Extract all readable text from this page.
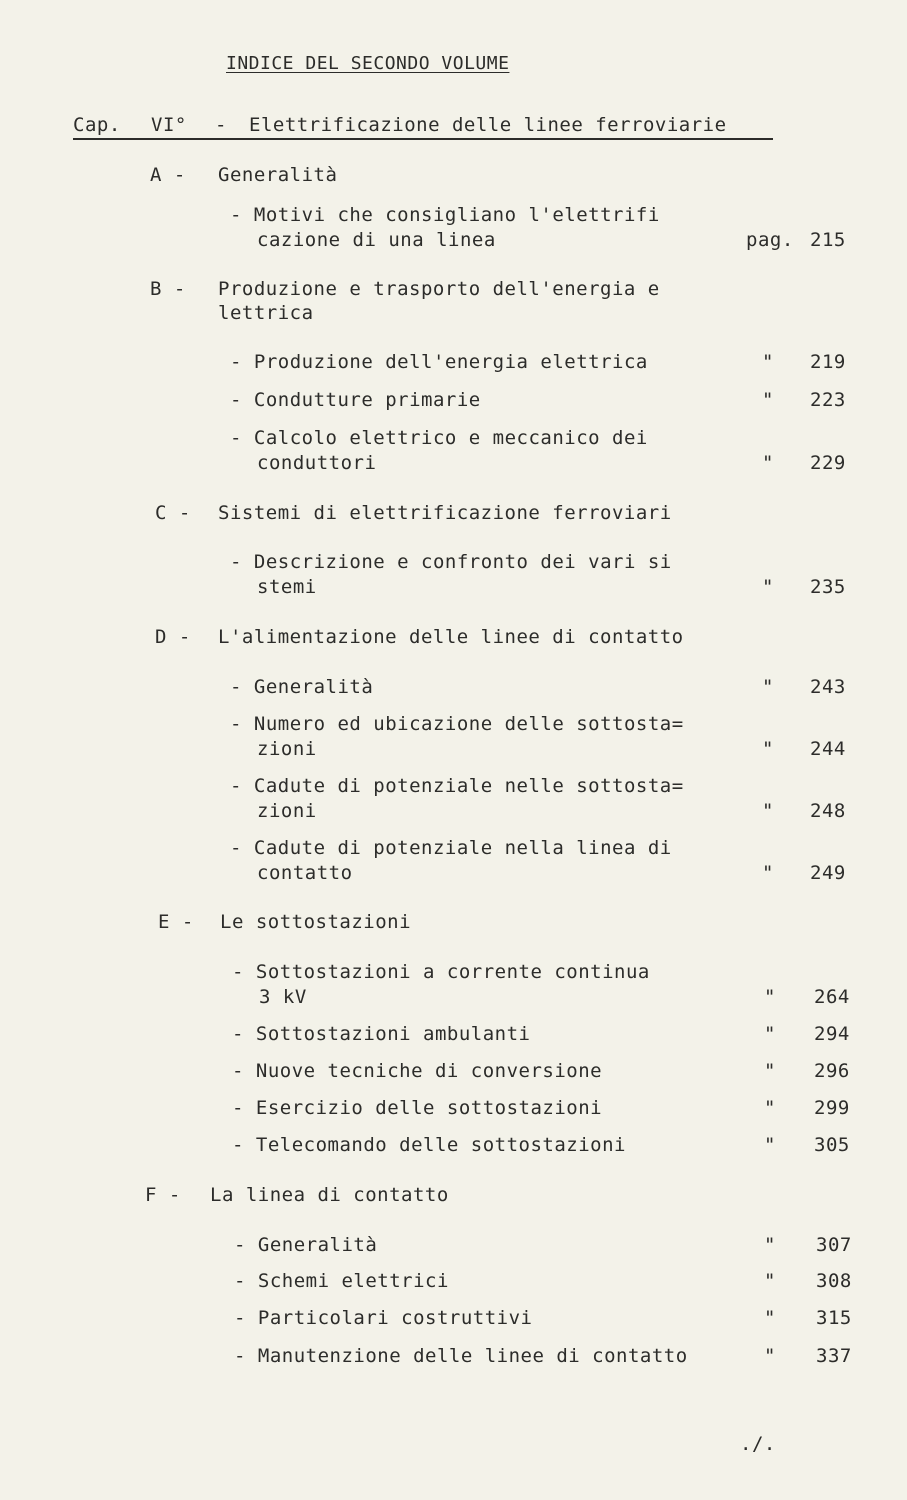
INDICE DEL SECONDO VOLUME
Cap. VI° - Elettrificazione delle linee ferroviarie
A - Generalità
- Motivi che consigliano l'elettrifi
cazione di una linea	pag. 215
B - Produzione e trasporto dell'energia e
lettrica
- Produzione dell'energia elettrica	" 219
- Condutture primarie	" 223
- Calcolo elettrico e meccanico dei
conduttori	" 229
C - Sistemi di elettrificazione ferroviari
- Descrizione e confronto dei vari si
stemi	" 235
D - L'alimentazione delle linee di contatto
- Generalità	" 243
- Numero ed ubicazione delle sottosta=
zioni	" 244
- Cadute di potenziale nelle sottosta=
zioni	" 248
- Cadute di potenziale nella linea di
contatto	" 249
E - Le sottostazioni
- Sottostazioni a corrente continua
3 kV	" 264
- Sottostazioni ambulanti	" 294
- Nuove tecniche di conversione	" 296
- Esercizio delle sottostazioni	" 299
- Telecomando delle sottostazioni	" 305
F - La linea di contatto
- Generalità	" 307
- Schemi elettrici	" 308
- Particolari costruttivi	" 315
- Manutenzione delle linee di contatto	" 337
./.
